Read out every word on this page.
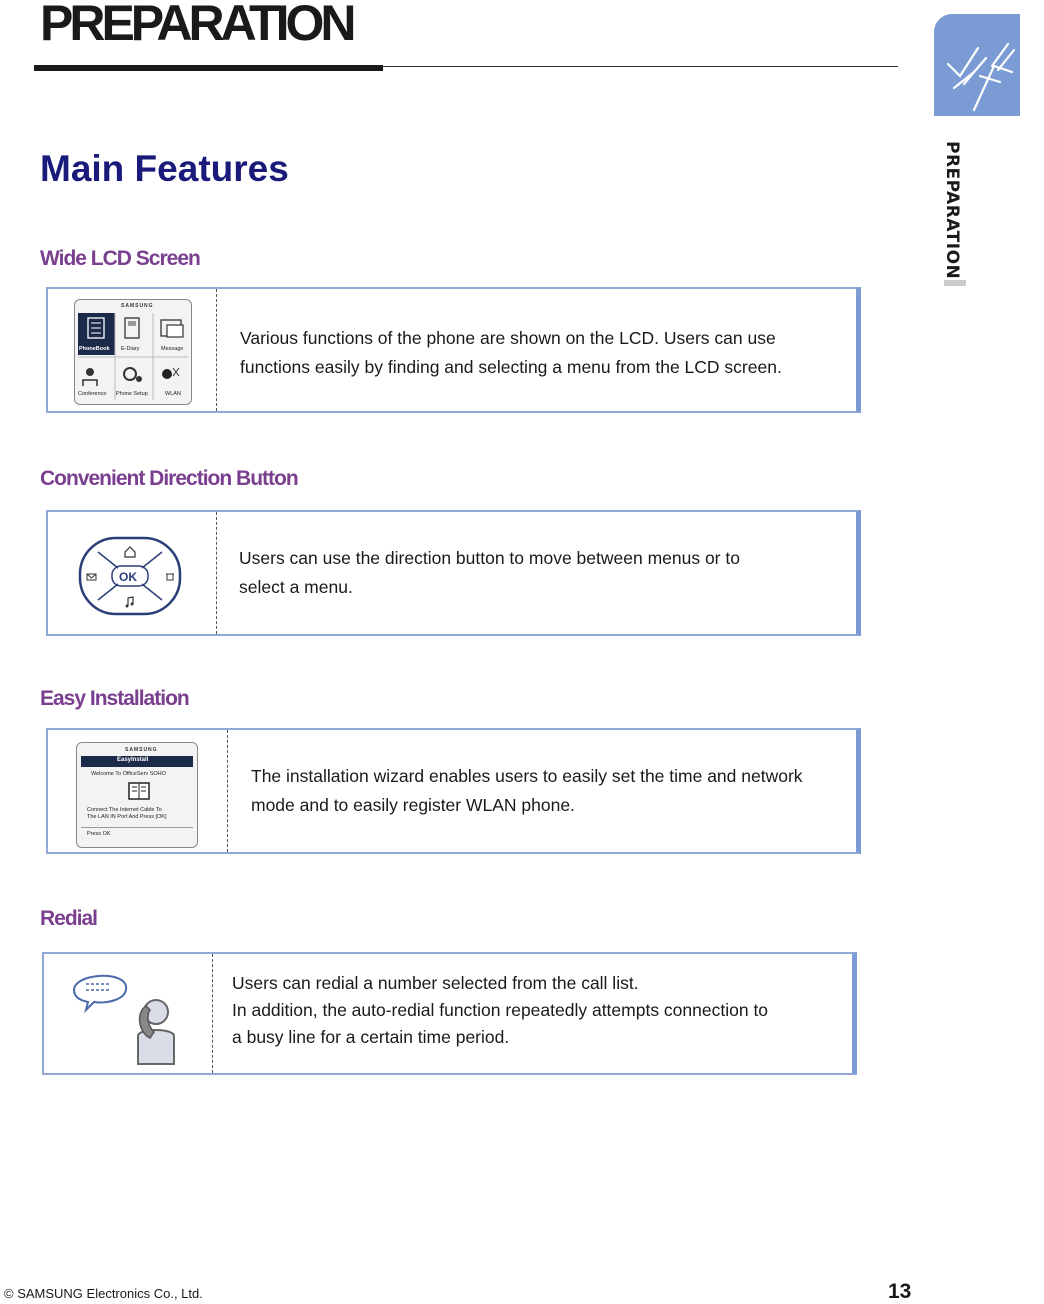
PREPARATION
PREPARATION
Main Features
Wide LCD Screen
SAMSUNG
PhoneBook E-Diary	Message
Conference Phone Setup	WLAN

Various functions of the phone are shown on the LCD. Users can use
functions easily by finding and selecting a menu from the LCD screen.

Convenient Direction Button
OK

Users can use the direction button to move between menus or to
select a menu.

Easy Installation
SAMSUNG
EasyInstall
Welcome To OfficeServ SOHO
Connect The Internet Cable To
The LAN IN Port And Press [OK]
Press OK

The installation wizard enables users to easily set the time and network
mode and to easily register WLAN phone.

Redial

Users can redial a number selected from the call list.
In addition, the auto-redial function repeatedly attempts connection to
a busy line for a certain time period.

© SAMSUNG Electronics Co., Ltd.	13
